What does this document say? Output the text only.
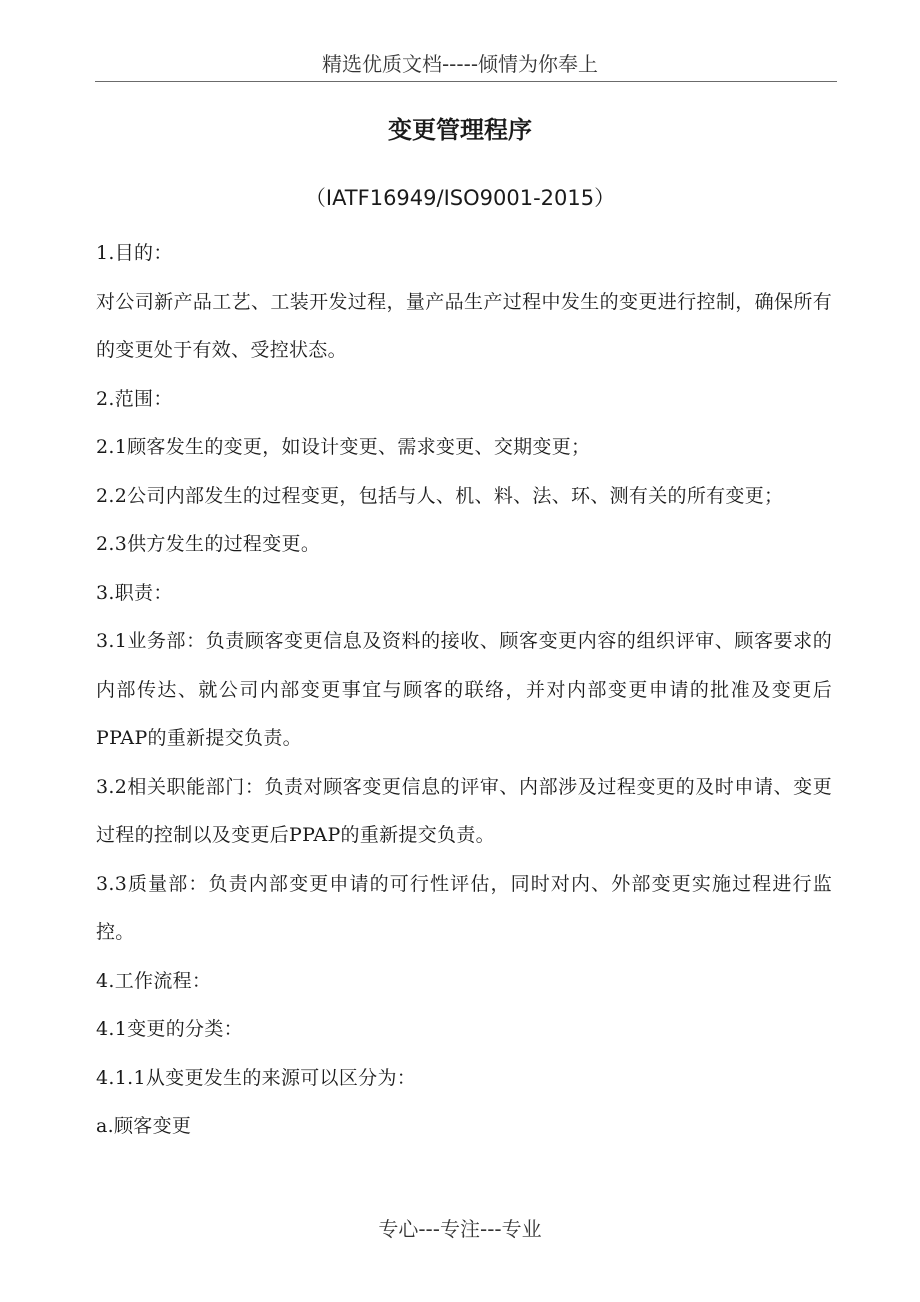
精选优质文档-----倾情为你奉上
变更管理程序
（IATF16949/ISO9001-2015）

1.目的：

对公司新产品工艺、工装开发过程，量产品生产过程中发生的变更进行控制，确保所有的变更处于有效、受控状态。

2.范围：

2.1顾客发生的变更，如设计变更、需求变更、交期变更；

2.2公司内部发生的过程变更，包括与人、机、料、法、环、测有关的所有变更；

2.3供方发生的过程变更。

3.职责：

3.1业务部：负责顾客变更信息及资料的接收、顾客变更内容的组织评审、顾客要求的内部传达、就公司内部变更事宜与顾客的联络，并对内部变更申请的批准及变更后PPAP的重新提交负责。

3.2相关职能部门：负责对顾客变更信息的评审、内部涉及过程变更的及时申请、变更过程的控制以及变更后PPAP的重新提交负责。

3.3质量部：负责内部变更申请的可行性评估，同时对内、外部变更实施过程进行监控。

4.工作流程：

4.1变更的分类：

4.1.1从变更发生的来源可以区分为：

a.顾客变更

专心---专注---专业
